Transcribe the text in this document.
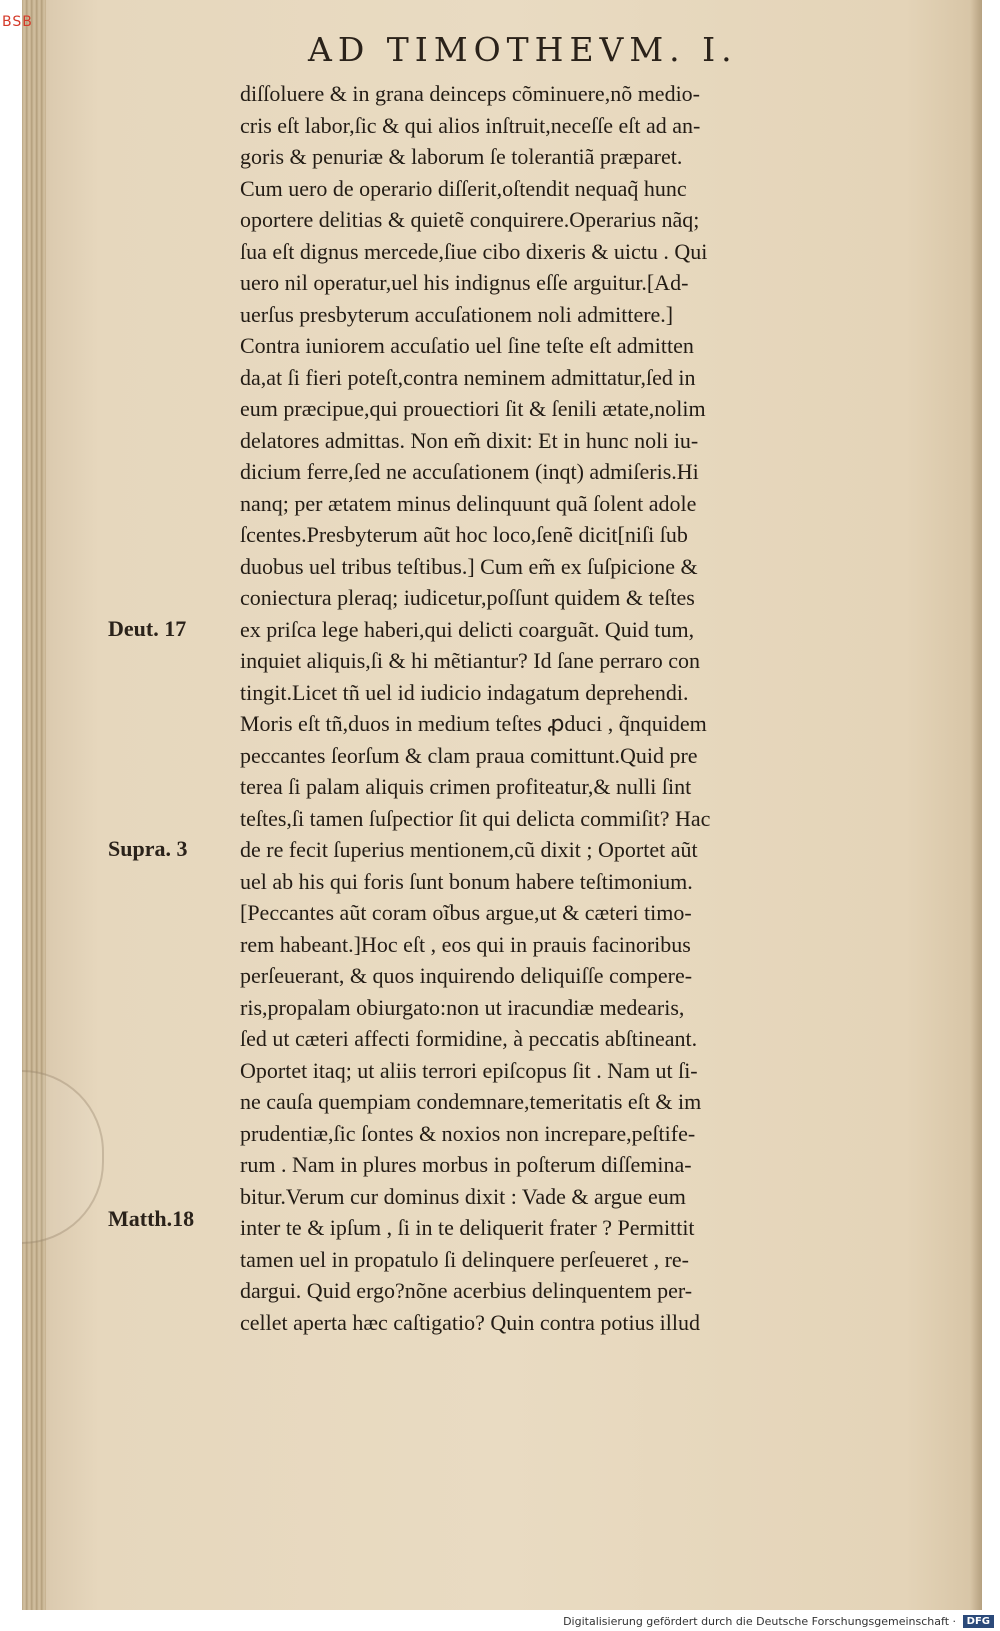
BSB
AD TIMOTHEVM. I.
Deut. 17
Supra. 3
Matth.18
diſſoluere & in grana deinceps cõminuere,nõ medio-
cris eſt labor,ſic & qui alios inſtruit,neceſſe eſt ad an-
goris & penuriæ & laborum ſe tolerantiã præparet.
Cum uero de operario diſſerit,oſtendit nequaq̃ hunc
oportere delitias & quietẽ conquirere.Operarius nãq;
ſua eſt dignus mercede,ſiue cibo dixeris & uictu . Qui
uero nil operatur,uel his indignus eſſe arguitur.[Ad-
uerſus presbyterum accuſationem noli admittere.]
Contra iuniorem accuſatio uel ſine teſte eſt admitten
da,at ſi fieri poteſt,contra neminem admittatur,ſed in
eum præcipue,qui prouectiori ſit & ſenili ætate,nolim
delatores admittas. Non em̃ dixit: Et in hunc noli iu-
dicium ferre,ſed ne accuſationem (inqt) admiſeris.Hi
nanq; per ætatem minus delinquunt quã ſolent adole
ſcentes.Presbyterum aũt hoc loco,ſenẽ dicit[niſi ſub
duobus uel tribus teſtibus.] Cum em̃ ex ſuſpicione &
coniectura pleraq; iudicetur,poſſunt quidem & teſtes
ex priſca lege haberi,qui delicti coarguãt. Quid tum,
inquiet aliquis,ſi & hi mẽtiantur? Id ſane perraro con
tingit.Licet tñ uel id iudicio indagatum deprehendi.
Moris eſt tñ,duos in medium teſtes ꝓduci , q̃nquidem
peccantes ſeorſum & clam praua comittunt.Quid pre
terea ſi palam aliquis crimen profiteatur,& nulli ſint
teſtes,ſi tamen ſuſpectior ſit qui delicta commiſit? Hac
de re fecit ſuperius mentionem,cũ dixit ; Oportet aũt
uel ab his qui foris ſunt bonum habere teſtimonium.
[Peccantes aũt coram oĩbus argue,ut & cæteri timo-
rem habeant.]Hoc eſt , eos qui in prauis facinoribus
perſeuerant, & quos inquirendo deliquiſſe compere-
ris,propalam obiurgato:non ut iracundiæ medearis,
ſed ut cæteri affecti formidine, à peccatis abſtineant.
Oportet itaq; ut aliis terrori epiſcopus ſit . Nam ut ſi-
ne cauſa quempiam condemnare,temeritatis eſt & im
prudentiæ,ſic ſontes & noxios non increpare,peſtife-
rum . Nam in plures morbus in poſterum diſſemina-
bitur.Verum cur dominus dixit : Vade & argue eum
inter te & ipſum , ſi in te deliquerit frater ? Permittit
tamen uel in propatulo ſi delinquere perſeueret , re-
dargui. Quid ergo?nõne acerbius delinquentem per-
cellet aperta hæc caſtigatio? Quin contra potius illud
Digitalisierung gefördert durch die Deutsche Forschungsgemeinschaft ·	DFG
